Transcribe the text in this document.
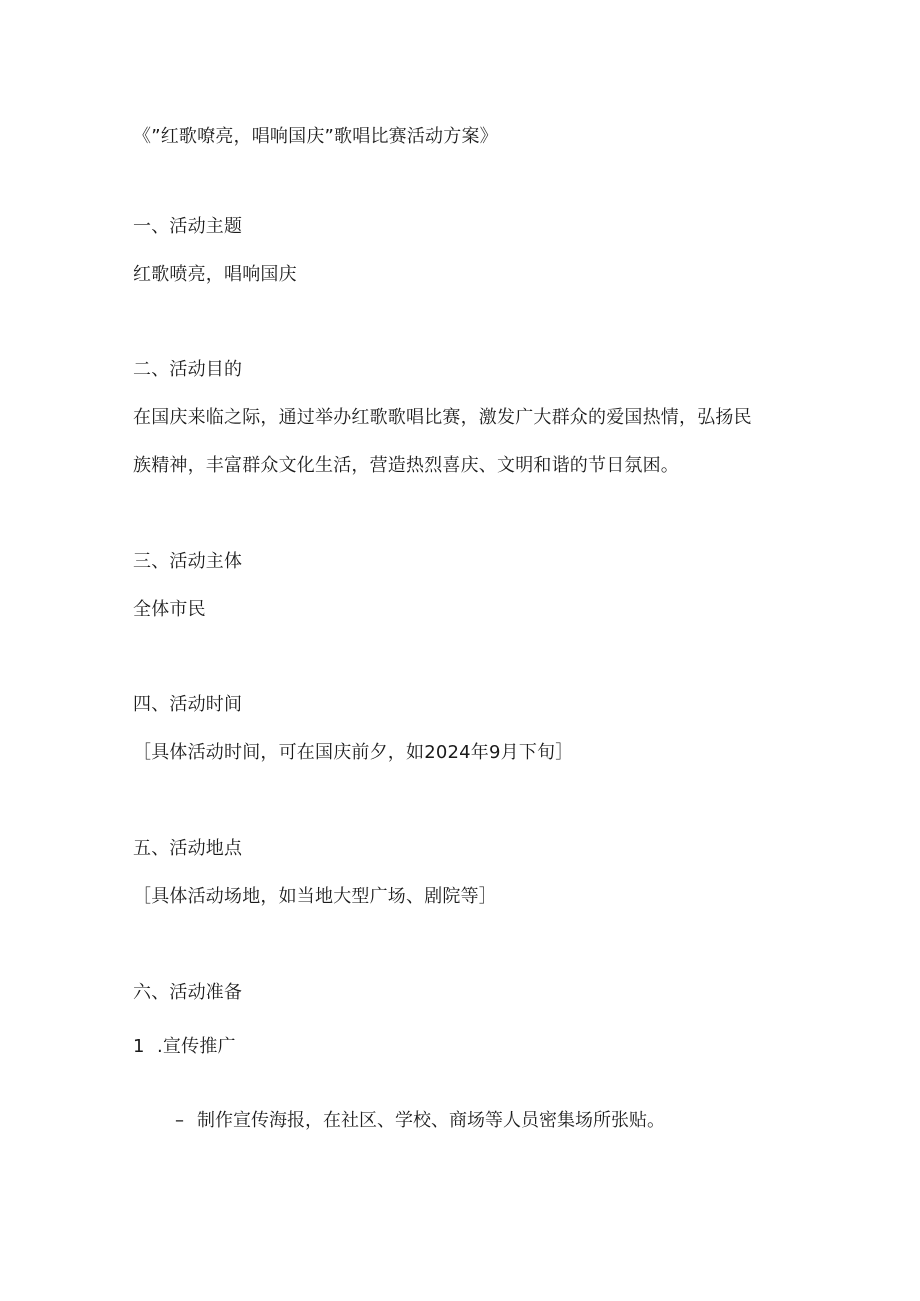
《”红歌嘹亮，唱响国庆”歌唱比赛活动方案》
一、活动主题
红歌喷亮，唱响国庆
二、活动目的
在国庆来临之际，通过举办红歌歌唱比赛，激发广大群众的爱国热情，弘扬民
族精神，丰富群众文化生活，营造热烈喜庆、文明和谐的节日氛困。
三、活动主体
全体市民
四、活动时间
［具体活动时间，可在国庆前夕，如2024年9月下旬］
五、活动地点
［具体活动场地，如当地大型广场、剧院等］
六、活动准备
1 .宣传推广
– 制作宣传海报，在社区、学校、商场等人员密集场所张贴。
